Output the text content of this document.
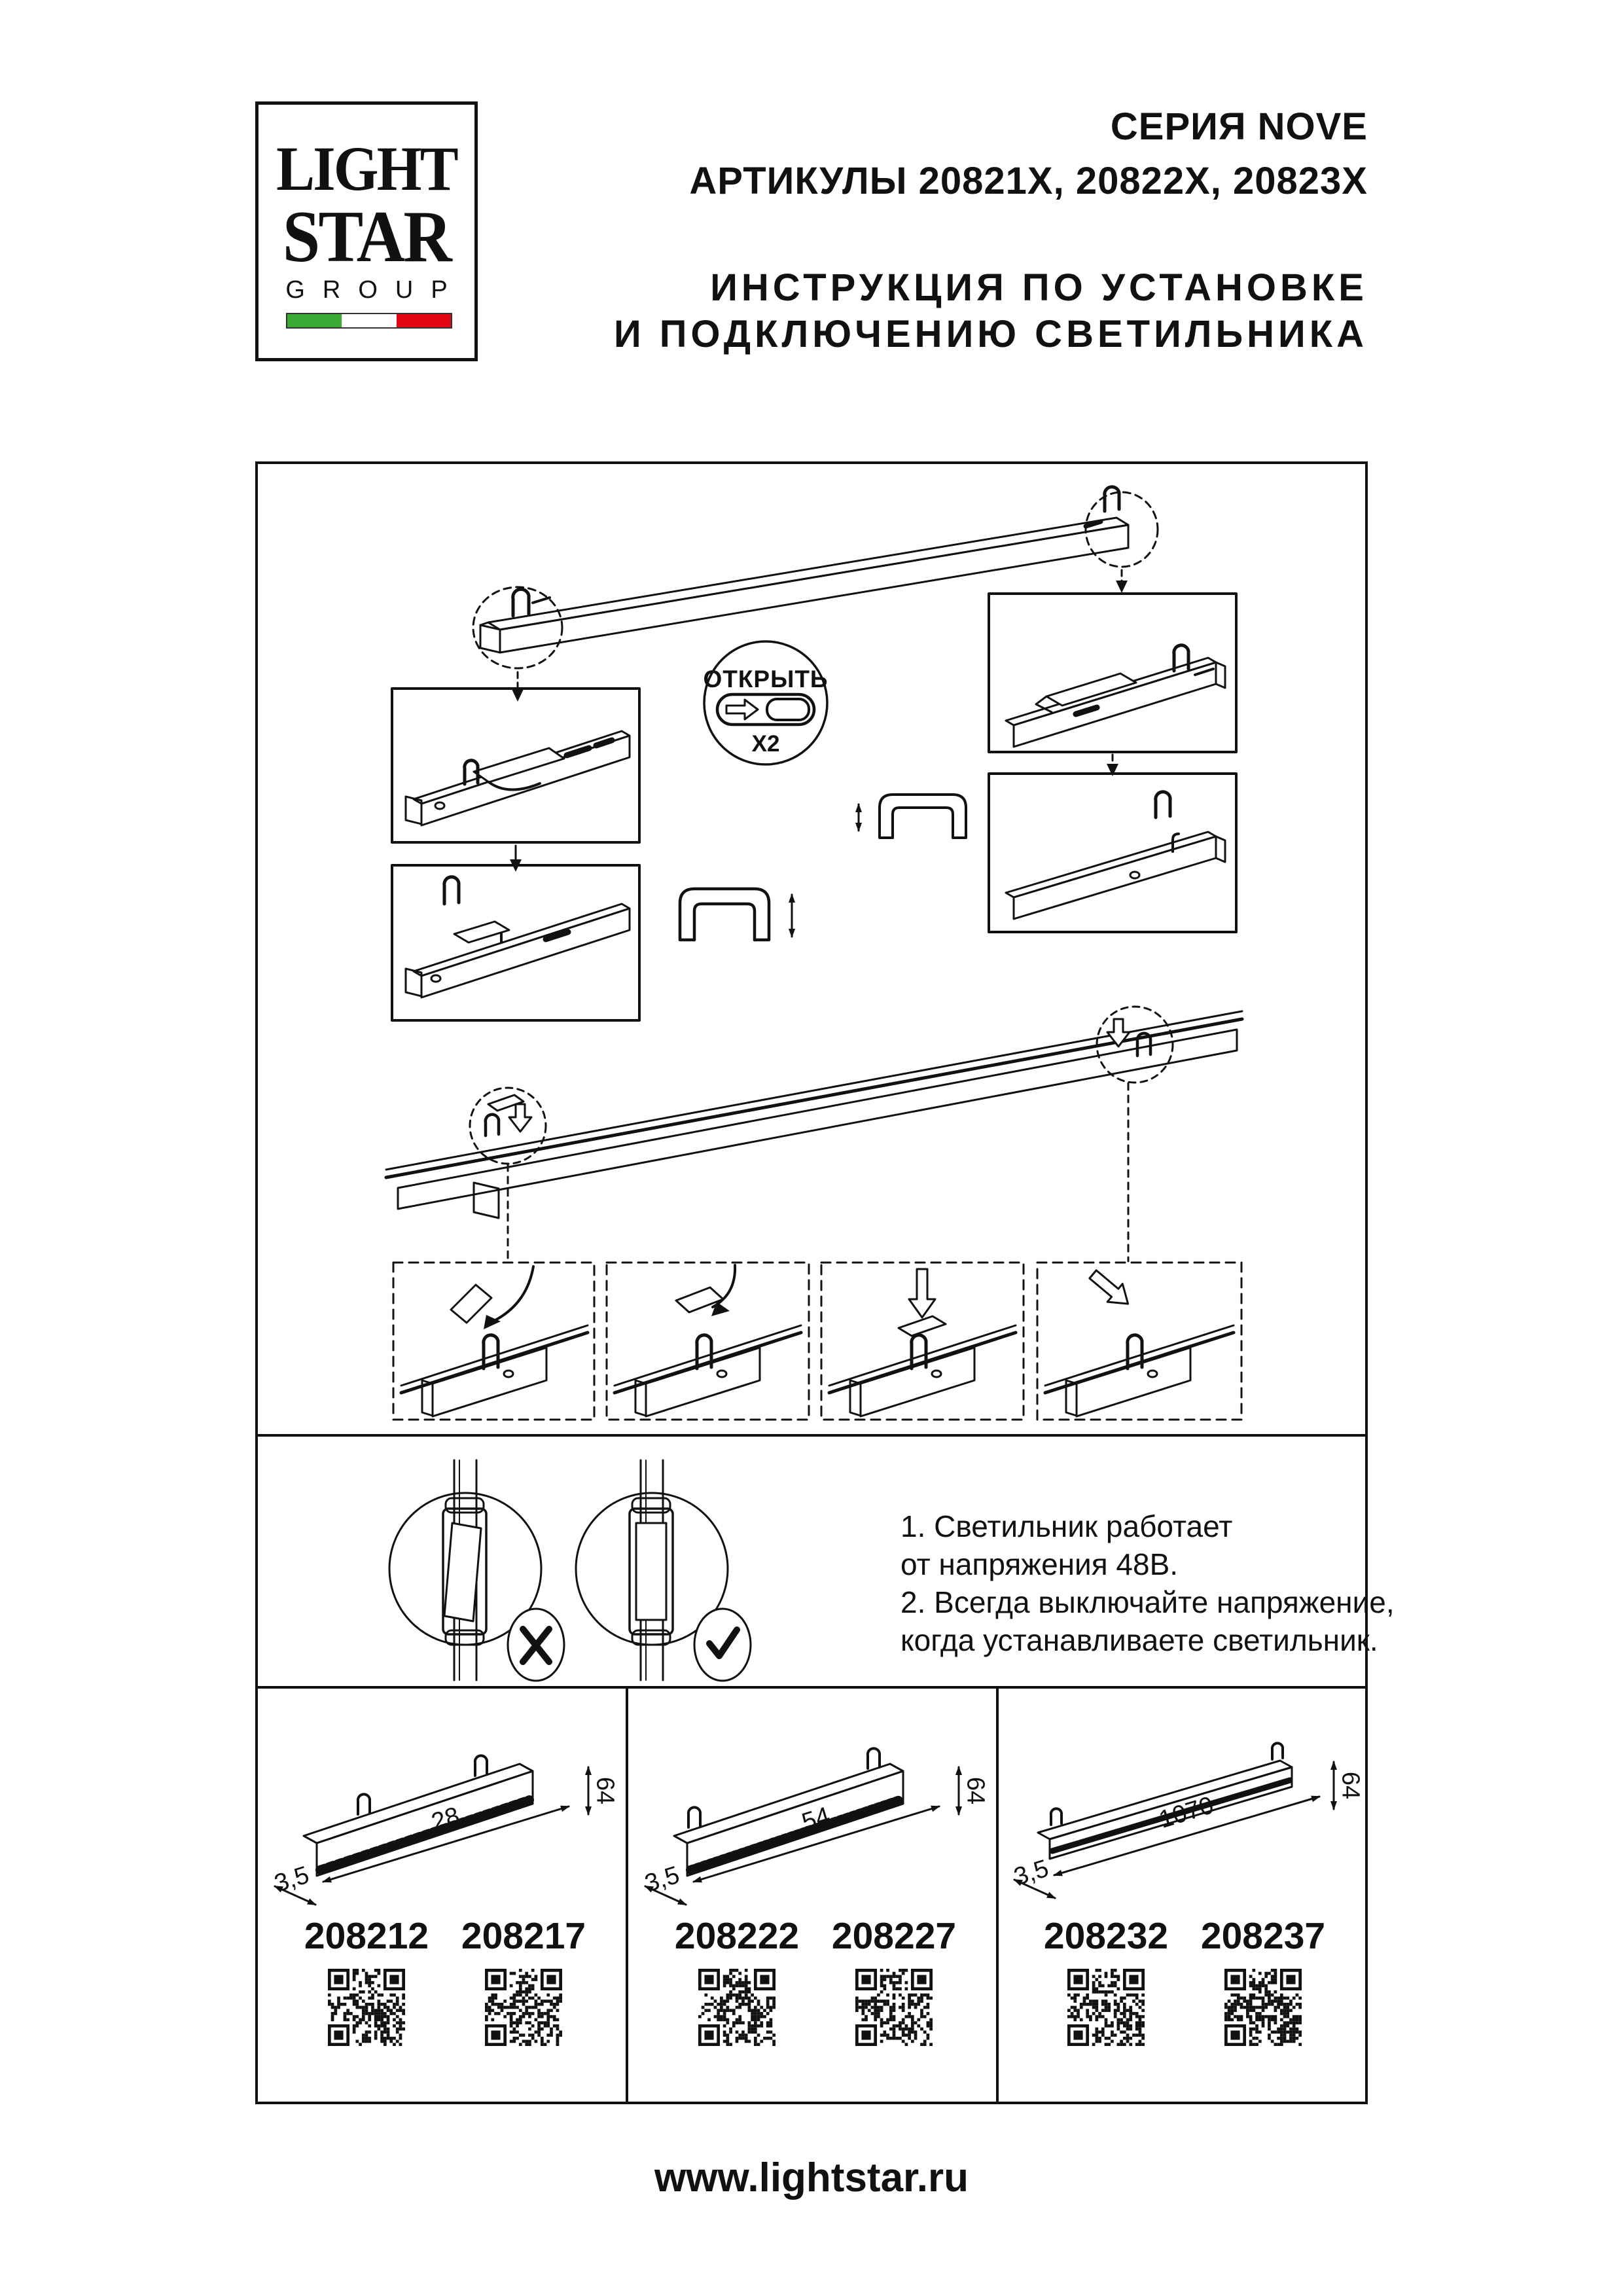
LIGHT
STAR
GROUP
СЕРИЯ NOVE
АРТИКУЛЫ 20821X, 20822X, 20823X
ИНСТРУКЦИЯ ПО УСТАНОВКЕ
И ПОДКЛЮЧЕНИЮ СВЕТИЛЬНИКА
ОТКРЫТЬ
X2
1. Светильник работает
от напряжения 48В.
2. Всегда выключайте напряжение,
когда устанавливаете светильник.
28
3,5
64
208212 208217
54
3,5
64
208222 208227
1070
3,5
64
208232 208237
www.lightstar.ru
